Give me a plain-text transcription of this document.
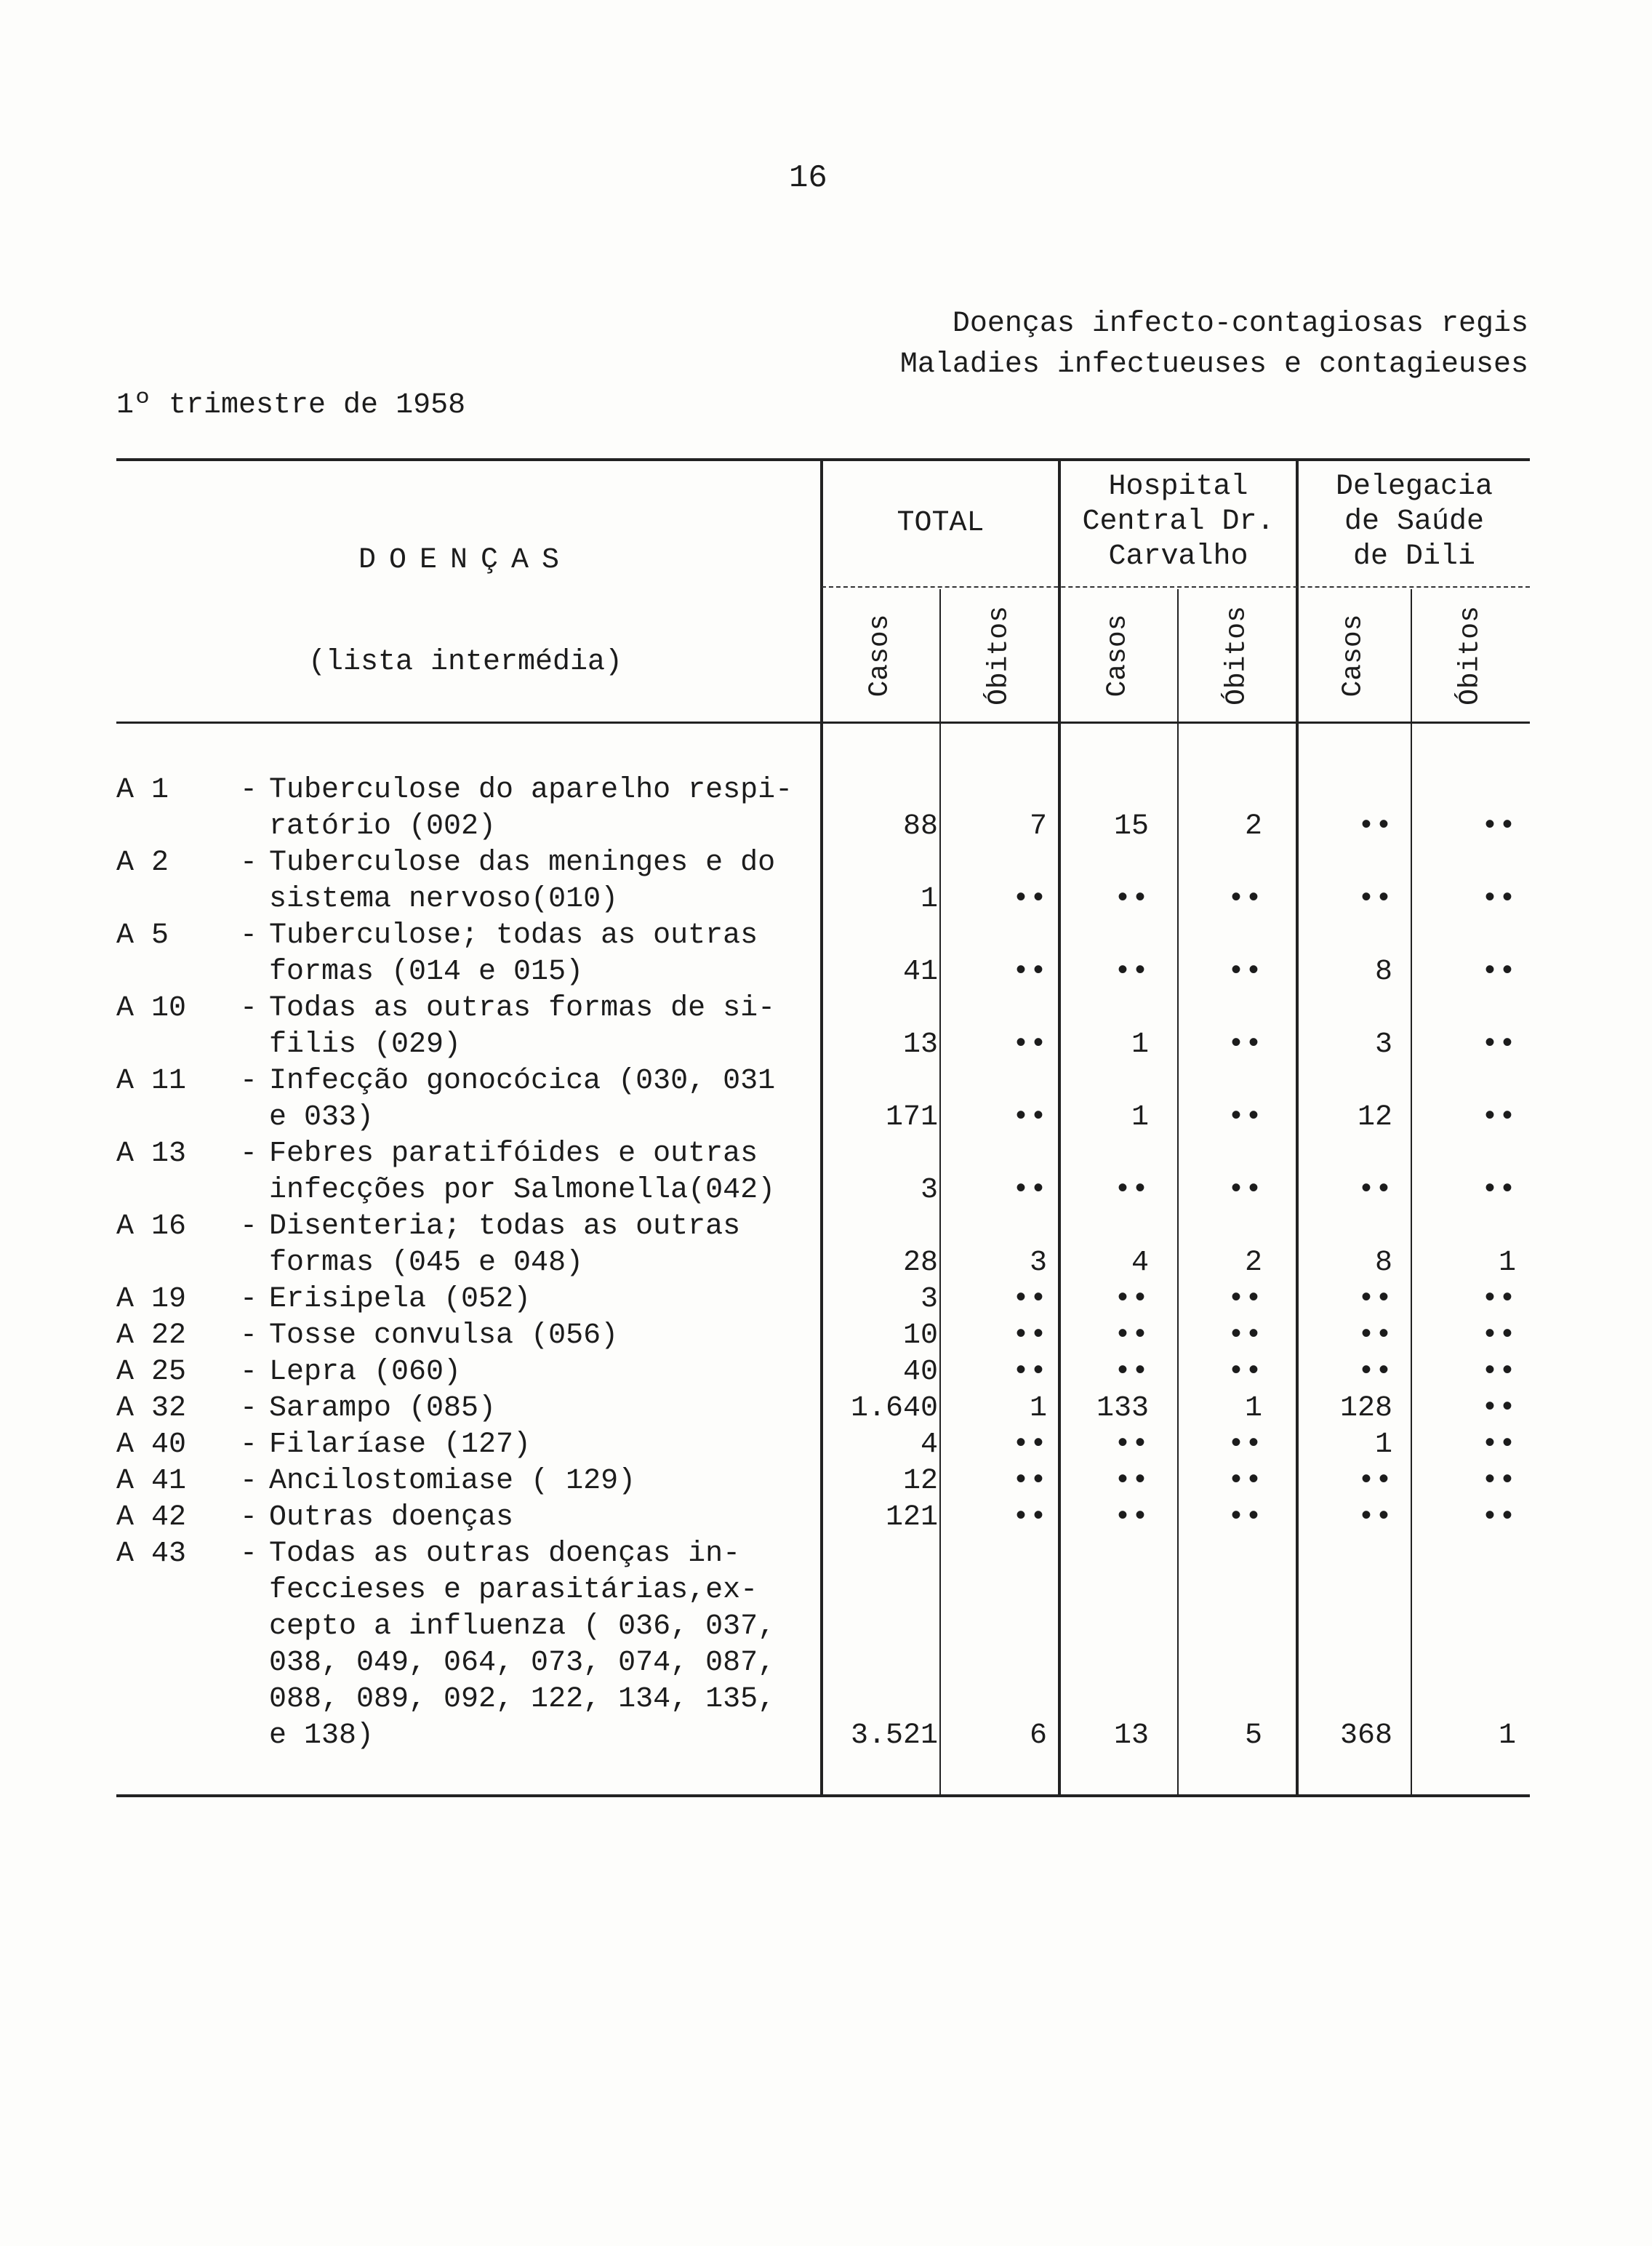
16
Doenças infecto-contagiosas regis
Maladies infectueuses e contagieuses
1º trimestre de 1958
DOENÇAS
(lista intermédia)
TOTAL
Hospital
Central Dr.
Carvalho
Delegacia
de Saúde
de Dili
Casos	Óbitos	Casos	Óbitos	Casos	Óbitos
A 1 - Tuberculose do aparelho respi-
ratório (002)	88	7	15	2	••	••
A 2 - Tuberculose das meninges e do
sistema nervoso(010)	1	••	••	••	••	••
A 5 - Tuberculose; todas as outras
formas (014 e 015)	41	••	••	••	8	••
A 10 - Todas as outras formas de si-
filis (029)	13	••	1	••	3	••
A 11 - Infecção gonocócica (030, 031
e 033)	171	••	1	••	12	••
A 13 - Febres paratifóides e outras
infecções por Salmonella(042)	3	••	••	••	••	••
A 16 - Disenteria; todas as outras
formas (045 e 048)	28	3	4	2	8	1
A 19 - Erisipela (052)	3	••	••	••	••	••
A 22 - Tosse convulsa (056)	10	••	••	••	••	••
A 25 - Lepra (060)	40	••	••	••	••	••
A 32 - Sarampo (085)	1.640	1	133	1	128	••
A 40 - Filaríase (127)	4	••	••	••	1	••
A 41 - Ancilostomiase ( 129)	12	••	••	••	••	••
A 42 - Outras doenças	121	••	••	••	••	••
A 43 - Todas as outras doenças in-
feccieses e parasitárias,ex-
cepto a influenza ( 036, 037,
038, 049, 064, 073, 074, 087,
088, 089, 092, 122, 134, 135,
e 138)	3.521	6	13	5	368	1
